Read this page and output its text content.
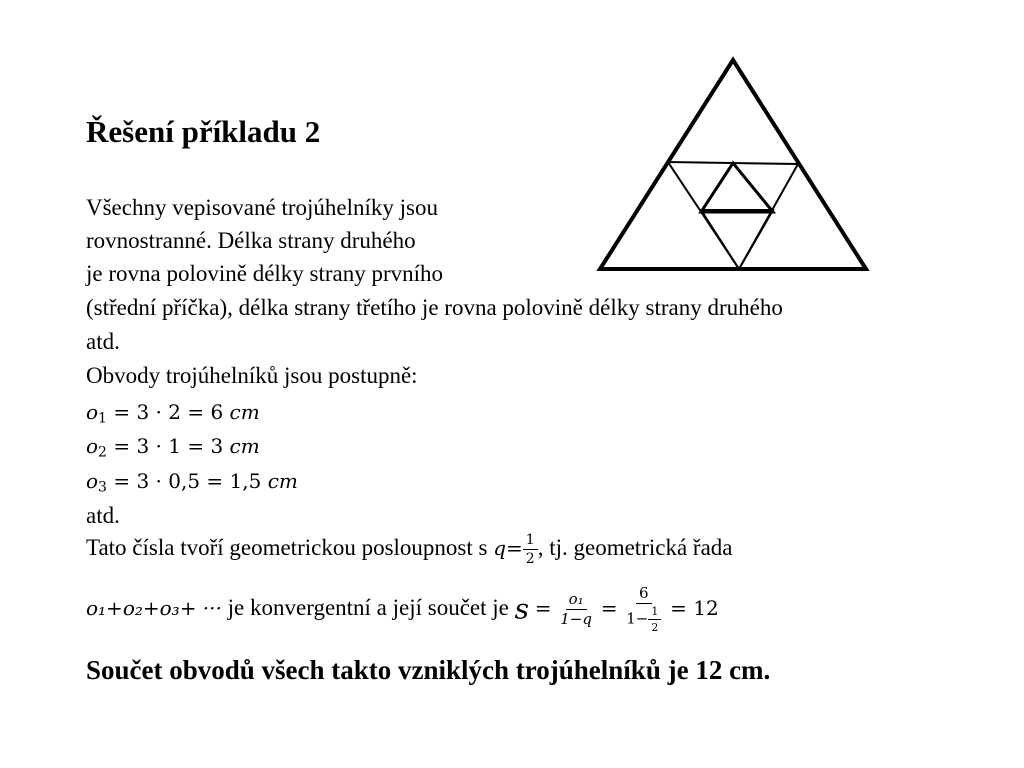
Řešení příkladu 2
Všechny vepisované trojúhelníky jsou
rovnostranné. Délka strany druhého
je rovna polovině délky strany prvního
(střední příčka), délka strany třetího je rovna polovině délky strany druhého
atd.
Obvody trojúhelníků jsou postupně:
$o_1 = 3 \cdot 2 = 6$ cm
$o_2 = 3 \cdot 1 = 3$ cm
$o_3 = 3 \cdot 0,5 = 1,5$ cm
atd.
Tato čísla tvoří geometrickou posloupnost s $q= \frac{1}{2}$ , tj. geometrická řada
o₁+o₂+o₃+ ··· je konvergentní a její součet je $s = \frac{\text{o₁}}{1-q} = \frac{6}{1- \frac{1}{2}} = 12$
Součet obvodů všech takto vzniklých trojúhelníků je 12 cm.
